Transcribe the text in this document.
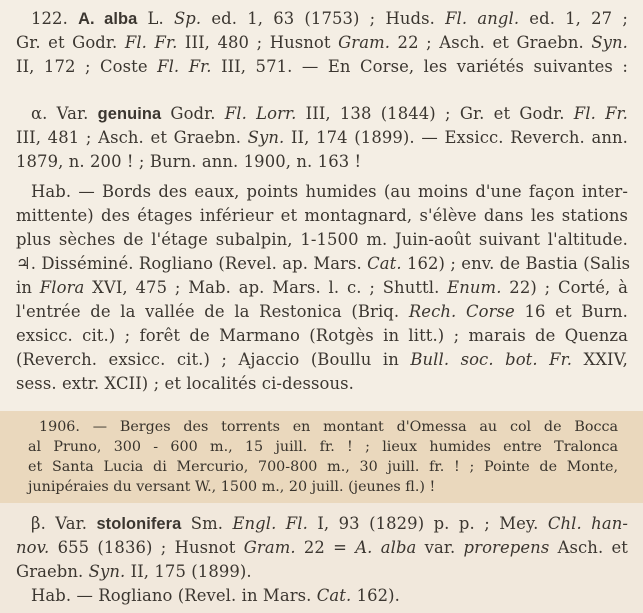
122. A. alba L. Sp. ed. 1, 63 (1753) ; Huds. Fl. angl. ed. 1, 27 ;
Gr. et Godr. Fl. Fr. III, 480 ; Husnot Gram. 22 ; Asch. et Graebn. Syn.
II, 172 ; Coste Fl. Fr. III, 571. — En Corse, les variétés suivantes :
α. Var. genuina Godr. Fl. Lorr. III, 138 (1844) ; Gr. et Godr. Fl. Fr.
III, 481 ; Asch. et Graebn. Syn. II, 174 (1899). — Exsicc. Reverch. ann.
1879, n. 200 ! ; Burn. ann. 1900, n. 163 !
Hab. — Bords des eaux, points humides (au moins d'une façon inter-
mittente) des étages inférieur et montagnard, s'élève dans les stations
plus sèches de l'étage subalpin, 1-1500 m. Juin-août suivant l'altitude.
♃. Disséminé. Rogliano (Revel. ap. Mars. Cat. 162) ; env. de Bastia (Salis
in Flora XVI, 475 ; Mab. ap. Mars. l. c. ; Shuttl. Enum. 22) ; Corté, à
l'entrée de la vallée de la Restonica (Briq. Rech. Corse 16 et Burn.
exsicc. cit.) ; forêt de Marmano (Rotgès in litt.) ; marais de Quenza
(Reverch. exsicc. cit.) ; Ajaccio (Boullu in Bull. soc. bot. Fr. XXIV,
sess. extr. XCII) ; et localités ci-dessous.
1906. — Berges des torrents en montant d'Omessa au col de Bocca
al Pruno, 300 - 600 m., 15 juill. fr. ! ; lieux humides entre Tralonca
et Santa Lucia di Mercurio, 700-800 m., 30 juill. fr. ! ; Pointe de Monte,
junipéraies du versant W., 1500 m., 20 juill. (jeunes fl.) !
β. Var. stolonifera Sm. Engl. Fl. I, 93 (1829) p. p. ; Mey. Chl. han-
nov. 655 (1836) ; Husnot Gram. 22 = A. alba var. prorepens Asch. et
Graebn. Syn. II, 175 (1899).
Hab. — Rogliano (Revel. in Mars. Cat. 162).
